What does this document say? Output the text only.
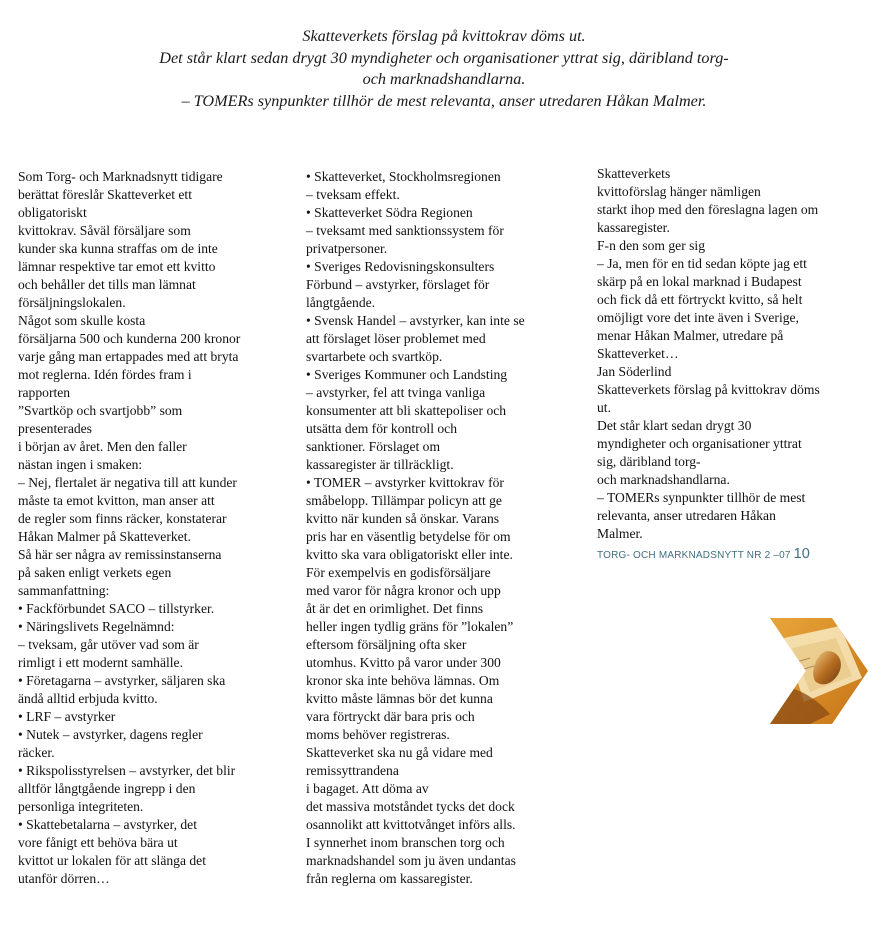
Skatteverkets förslag på kvittokrav döms ut.
Det står klart sedan drygt 30 myndigheter och organisationer yttrat sig, däribland torg-
och marknadshandlarna.
– TOMERs synpunkter tillhör de mest relevanta, anser utredaren Håkan Malmer.
Som Torg- och Marknadsnytt tidigare
berättat föreslår Skatteverket ett
obligatoriskt
kvittokrav. Såväl försäljare som
kunder ska kunna straffas om de inte
lämnar respektive tar emot ett kvitto
och behåller det tills man lämnat
försäljningslokalen.
Något som skulle kosta
försäljarna 500 och kunderna 200 kronor
varje gång man ertappades med att bryta
mot reglerna. Idén fördes fram i
rapporten
”Svartköp och svartjobb” som
presenterades
i början av året. Men den faller
nästan ingen i smaken:
– Nej, flertalet är negativa till att kunder
måste ta emot kvitton, man anser att
de regler som finns räcker, konstaterar
Håkan Malmer på Skatteverket.
Så här ser några av remissinstanserna
på saken enligt verkets egen
sammanfattning:
• Fackförbundet SACO – tillstyrker.
• Näringslivets Regelnämnd:
– tveksam, går utöver vad som är
rimligt i ett modernt samhälle.
• Företagarna – avstyrker, säljaren ska
ändå alltid erbjuda kvitto.
• LRF – avstyrker
• Nutek – avstyrker, dagens regler
räcker.
• Rikspolisstyrelsen – avstyrker, det blir
alltför långtgående ingrepp i den
personliga integriteten.
• Skattebetalarna – avstyrker, det
vore fånigt ett behöva bära ut
kvittot ur lokalen för att slänga det
utanför dörren…
• Skatteverket, Stockholmsregionen
– tveksam effekt.
• Skatteverket Södra Regionen
– tveksamt med sanktionssystem för
privatpersoner.
• Sveriges Redovisningskonsulters
Förbund – avstyrker, förslaget för
långtgående.
• Svensk Handel – avstyrker, kan inte se
att förslaget löser problemet med
svartarbete och svartköp.
• Sveriges Kommuner och Landsting
– avstyrker, fel att tvinga vanliga
konsumenter att bli skattepoliser och
utsätta dem för kontroll och
sanktioner. Förslaget om
kassaregister är tillräckligt.
• TOMER – avstyrker kvittokrav för
småbelopp. Tillämpar policyn att ge
kvitto när kunden så önskar. Varans
pris har en väsentlig betydelse för om
kvitto ska vara obligatoriskt eller inte.
För exempelvis en godisförsäljare
med varor för några kronor och upp
åt är det en orimlighet. Det finns
heller ingen tydlig gräns för ”lokalen”
eftersom försäljning ofta sker
utomhus. Kvitto på varor under 300
kronor ska inte behöva lämnas. Om
kvitto måste lämnas bör det kunna
vara förtryckt där bara pris och
moms behöver registreras.
Skatteverket ska nu gå vidare med
remissyttrandena
i bagaget. Att döma av
det massiva motståndet tycks det dock
osannolikt att kvittotvånget införs alls.
I synnerhet inom branschen torg och
marknadshandel som ju även undantas
från reglerna om kassaregister.
Skatteverkets
kvittoförslag hänger nämligen
starkt ihop med den föreslagna lagen om
kassaregister.
F-n den som ger sig
– Ja, men för en tid sedan köpte jag ett
skärp på en lokal marknad i Budapest
och fick då ett förtryckt kvitto, så helt
omöjligt vore det inte även i Sverige,
menar Håkan Malmer, utredare på
Skatteverket…
Jan Söderlind
Skatteverkets förslag på kvittokrav döms
ut.
Det står klart sedan drygt 30
myndigheter och organisationer yttrat
sig, däribland torg-
och marknadshandlarna.
– TOMERs synpunkter tillhör de mest
relevanta, anser utredaren Håkan
Malmer.
TORG- OCH MARKNADSNYTT NR 2 –07 10
